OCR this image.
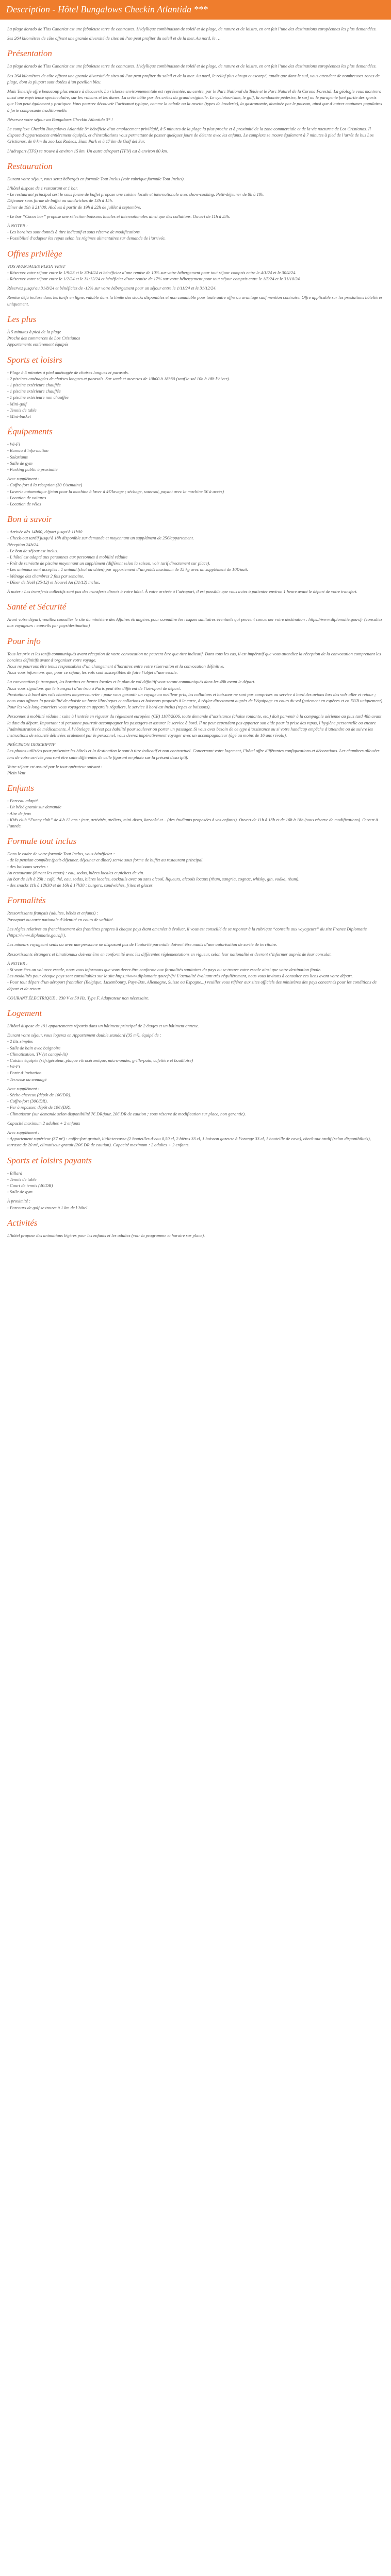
Description - Hôtel Bungalows Checkin Atlantida ***

La plage dorado de Tías Canarias est une fabuleuse terre de contrastes. L’idyllique combinaison de soleil et de plage, de nature et de loisirs, en ont fait l’une des destinations européennes les plus demandées.

Ses 264 kilomètres de côte offrent une grande diversité de sites où l’on peut profiter du soleil et de la mer. Au nord, le …

Présentation

La plage dorado de Tías Canarias est une fabuleuse terre de contrastes. L’idyllique combinaison de soleil et de plage, de nature et de loisirs, en ont fait l’une des destinations européennes les plus demandées.

Ses 264 kilomètres de côte offrent une grande diversité de sites où l’on peut profiter du soleil et de la mer. Au nord, le relief plus abrupt et escarpé, tandis que dans le sud, vous attendent de nombreuses zones de plage, dont la plupart sont dotées d’un pavillon bleu.

Mais Tenerife offre beaucoup plus encore à découvrir. La richesse environnementale est représentée, au centre, par le Parc National du Teide et le Parc Naturel de la Corona Forestal. La géologie vous montrera aussi une expérience spectaculaire, sur les volcans et les dunes. La crête bâtie par des crêtes du grand originelle. Le cyclotourisme, le golf, la randonnée pédestre, le surf ou le parapente font partie des sports que l’on peut également y pratiquer. Vous pourrez découvrir l’artisanat typique, comme la cabale ou la rosette (types de broderie), la gastronomie, dominée par le poisson, ainsi que d’autres coutumes populaires à forte composante traditionnelle.

Réservez votre séjour au Bungalows Checkin Atlantida 3* !

Le complexe Checkin Bungalows Atlantida 3* bénéficie d’un emplacement privilégié, à 5 minutes de la plage la plus proche et à proximité de la zone commerciale et de la vie nocturne de Los Cristianos. Il dispose d’appartements entièrement équipés, et d’installations vous permettant de passer quelques jours de détente avec les enfants. Le complexe se trouve également à 7 minutes à pied de l’arrêt de bus Los Cristianos, de 6 km du zoo Los Rodeos, Siam Park et à 17 km de Golf del Sur.

L’aéroport (TFS) se trouve à environ 15 km. Un autre aéroport (TFN) est à environ 80 km.

Restauration

Durant votre séjour, vous serez hébergés en formule Tout Inclus (voir rubrique formule Tout Inclus).

L’hôtel dispose de 1 restaurant et 1 bar.
- Le restaurant principal sert le sous forme de buffet propose une cuisine locale et internationale avec show-cooking. Petit-déjeuner de 8h à 10h.
Déjeuner sous forme de buffet ou sandwiches de 13h à 15h.
Dîner de 19h à 21h30. Alcôves à partir de 19h à 22h de juillet à septembre.

- Le bar “Cocos bar” propose une sélection boissons locales et internationales ainsi que des collations. Ouvert de 11h à 23h.

À NOTER :
- Les horaires sont donnés à titre indicatif et sous réserve de modifications.
- Possibilité d’adapter les repas selon les régimes alimentaires sur demande de l’arrivée.

Offres privilège

VOS AVANTAGES PLEIN VENT
- Réservez votre séjour entre le 1/9/23 et le 30/4/24 et bénéficiez d’une remise de 10% sur votre hébergement pour tout séjour compris entre le 4/1/24 et le 30/4/24.
- Réservez votre séjour entre le 1/2/24 et le 31/12/24 et bénéficiez d’une remise de 17% sur votre hébergement pour tout séjour compris entre le 1/5/24 et le 31/10/24.

Réservez jusqu’au 31/8/24 et bénéficiez de -12% sur votre hébergement pour un séjour entre le 1/11/24 et le 31/12/24.

Remise déjà incluse dans les tarifs en ligne, valable dans la limite des stocks disponibles et non cumulable pour toute autre offre ou avantage sauf mention contraire. Offre applicable sur les prestations hôtelières uniquement.

Les plus

À 5 minutes à pied de la plage
Proche des commerces de Los Cristianos
Appartements entièrement équipés

Sports et loisirs

- Plage à 5 minutes à pied aménagée de chaises longues et parasols.
- 2 piscines aménagées de chaises longues et parasols. Sur week et ouvertes de 10h00 à 18h30 (sauf le sol 10h à 18h l’hiver).
- 1 piscine extérieure chauffée
- 1 piscine extérieure chauffée
- 1 piscine extérieure non chauffée
- Mini-golf
- Tennis de table
- Mini-basket

Équipements

- Wi-Fi
- Bureau d’information
- Solariums
- Salle de gym
- Parking public à proximité

Avec supplément :
- Coffre-fort à la réception (30 €/semaine)
- Laverie automatique (jeton pour la machine à laver à 4€/lavage ; séchage, sous-sol, payant avec la machine 5€ à accès)
- Location de voitures
- Location de vélos

Bon à savoir

- Arrivée dès 14h00, départ jusqu’à 11h00
- Check-out tardif jusqu’à 18h disponible sur demande et moyennant un supplément de 25€/appartement.
Réception 24h/24.
- Le bon de séjour est inclus.
- L’hôtel est adapté aux personnes aux personnes à mobilité réduite
- Prêt de serviette de piscine moyennant un supplément (différent selon la saison, voir tarif directement sur place).
- Les animaux sont acceptés : 1 animal (chat ou chien) par appartement d’un poids maximum de 15 kg avec un supplément de 10€/nuit.
- Ménage des chambres 2 fois par semaine.
- Dîner de Noël (25/12) et Nouvel An (31/12) inclus.

À noter : Les transferts collectifs sont pas des transferts directs à votre hôtel. À votre arrivée à l’aéroport, il est possible que vous aviez à patienter environ 1 heure avant le départ de votre transfert.

Santé et Sécurité

Avant votre départ, veuillez consulter le site du ministère des Affaires étrangères pour connaître les risques sanitaires éventuels qui peuvent concerner votre destination : https://www.diplomatie.gouv.fr (consultez aux voyageurs : conseils par pays/destination)

Pour info

Tous les prix et les tarifs communiqués avant réception de votre convocation ne peuvent être que titre indicatif. Dans tous les cas, il est impératif que vous attendiez la réception de la convocation comprenant les horaires définitifs avant d’organiser votre voyage.
Nous ne pourrons être tenus responsables d’un changement d’horaires entre votre réservation et la convocation définitive.
Nous vous informons que, pour ce séjour, les vols sont susceptibles de faire l’objet d’une escale.

La convocation (« transport, les horaires en heures locales et le plan de vol définitif vous seront communiqués dans les 48h avant le départ.
Nous vous signalons que le transport d’un trou à Paris peut être différent de l’aéroport de départ.
Prestations à bord des vols charters moyen-courrier : pour vous garantir un voyage au meilleur prix, les collations et boissons ne sont pas comprises au service à bord des avions lors des vols aller et retour ; nous vous offrons la possibilité de choisir un buste libre/repas et collations et boissons proposés à la carte, à régler directement auprès de l’équipage en cours du vol (paiement en espèces et en EUR uniquement).
Pour les vols long-courriers vous voyagerez en appareils réguliers, le service à bord est inclus (repas et boissons).

Personnes à mobilité réduite : suite à l’entrée en vigueur du règlement européen (CE) 1107/2006, toute demande d’assistance (chaise roulante, etc.) doit parvenir à la compagnie aérienne au plus tard 48h avant la date du départ. Important : si personne pourrait accompagner les passagers et assurer le service à bord. Il ne peut cependant pas apporter son aide pour la prise des repas, l’hygiène personnelle ou encore l’administration de médicaments. À l’hôtelage, il n’est pas habilité pour soulever ou porter un passager. Si vous avez besoin de ce type d’assistance ou si votre handicap empêche d’atteindre ou de suivre les instructions de sécurité délivrées oralement par le personnel, vous devrez impérativement voyager avec un accompagnateur (âgé au moins de 16 ans révolu).

PRÉCISION DESCRIPTIF
Les photos utilisées pour présenter les hôtels et la destination le sont à titre indicatif et non contractuel. Concernant votre logement, l’hôtel offre différentes configurations et décorations. Les chambres allouées lors de votre arrivée pourront être suite différentes de celle figurant en photo sur la présent descriptif.

Votre séjour est assuré par le tour opérateur suivant :
Plein Vent

Enfants

- Berceau adapté.
- Lit bébé gratuit sur demande
- Aire de jeux
- Kids club “Funny club” de 4 à 12 ans : jeux, activités, ateliers, mini-disco, karaoké et... (des étudiants proposées à vos enfants). Ouvert de 11h à 13h et de 16h à 18h (sous réserve de modifications). Ouvert à l’année.

Formule tout inclus

Dans le cadre de votre formule Tout Inclus, vous bénéficiez :
- de la pension complète (petit-déjeuner, déjeuner et dîner) servie sous forme de buffet au restaurant principal.
- des boissons servies :
Au restaurant (durant les repas) : eau, sodas, bières locales et pichets de vin.
Au bar de 11h à 23h : café, thé, eau, sodas, bières locales, cocktails avec ou sans alcool, liqueurs, alcools locaux (rhum, sangria, cognac, whisky, gin, vodka, rhum).
- des snacks 11h à 12h30 et de 16h à 17h30 : burgers, sandwiches, frites et glaces.

Formalités

Ressortissants français (adultes, bébés et enfants) :
Passeport ou carte nationale d’identité en cours de validité.

Les règles relatives au franchissement des frontières propres à chaque pays étant amenées à évoluer, il vous est conseillé de se reporter à la rubrique “conseils aux voyageurs” du site France Diplomatie (https://www.diplomatie.gouv.fr).

Les mineurs voyageant seuls ou avec une personne ne disposant pas de l’autorité parentale doivent être munis d’une autorisation de sortie de territoire.

Ressortissants étrangers et binationaux doivent être en conformité avec les différentes réglementations en vigueur, selon leur nationalité et devront s’informer auprès de leur consulat.

À NOTER :
- Si vous êtes un vol avec escale, nous vous informons que vous devez être conforme aux formalités sanitaires du pays ou se trouve votre escale ainsi que votre destination finale.
Les modalités pour chaque pays sont consultables sur le site https://www.diplomatie.gouv.fr/fr/ L’actualité évoluant très régulièrement, nous vous invitons à consulter ces liens avant votre départ.
- Pour tout départ d’un aéroport frontalier (Belgique, Luxembourg, Pays-Bas, Allemagne, Suisse ou Espagne...) veuillez vous référer aux sites officiels des ministères des pays concernés pour les conditions de départ et de retour.

COURANT ÉLECTRIQUE : 230 V et 50 Hz. Type F. Adaptateur non nécessaire.

Logement

L’hôtel dispose de 191 appartements répartis dans un bâtiment principal de 2 étages et un bâtiment annexe.

Durant votre séjour, vous logerez en Appartement double standard (35 m²), équipé de :
- 2 lits simples
- Salle de bain avec baignoire
- Climatisation, TV (et canapé-lit)
- Cuisine équipée (réfrigérateur, plaque vitrocéramique, micro-ondes, grille-pain, cafetière et bouilloire)
- Wi-Fi
- Porte d’invitation
- Terrasse ou ennuagé

Avec supplément :
- Sèche-cheveux (dépôt de 10€/DR).
- Coffre-fort (30€/DR).
- Fer à repasser, dépôt de 10€ (DR).
- Climatiseur (sur demande selon disponibilité 7€ DR/jour, 20€ DR de caution ; sous réserve de modification sur place, non garantie).

Capacité maximum 2 adultes + 2 enfants

Avec supplément :
- Appartement supérieur (37 m²) : coffre-fort gratuit, lit/lit-terrasse (2 bouteilles d’eau 0,50 cl, 2 bières 33 cl, 1 boisson gazeuse à l’orange 33 cl, 1 bouteille de cava), check-out tardif (selon disponibilités), terrasse de 20 m², climatiseur gratuit (20€ DR de caution). Capacité maximum : 2 adultes + 2 enfants.

Sports et loisirs payants

- Billard
- Tennis de table
- Court de tennis (4€/DR)
- Salle de gym

À proximité :
- Parcours de golf se trouve à 1 km de l’hôtel.

Activités

L’hôtel propose des animations légères pour les enfants et les adultes (voir la programme et horaire sur place).
